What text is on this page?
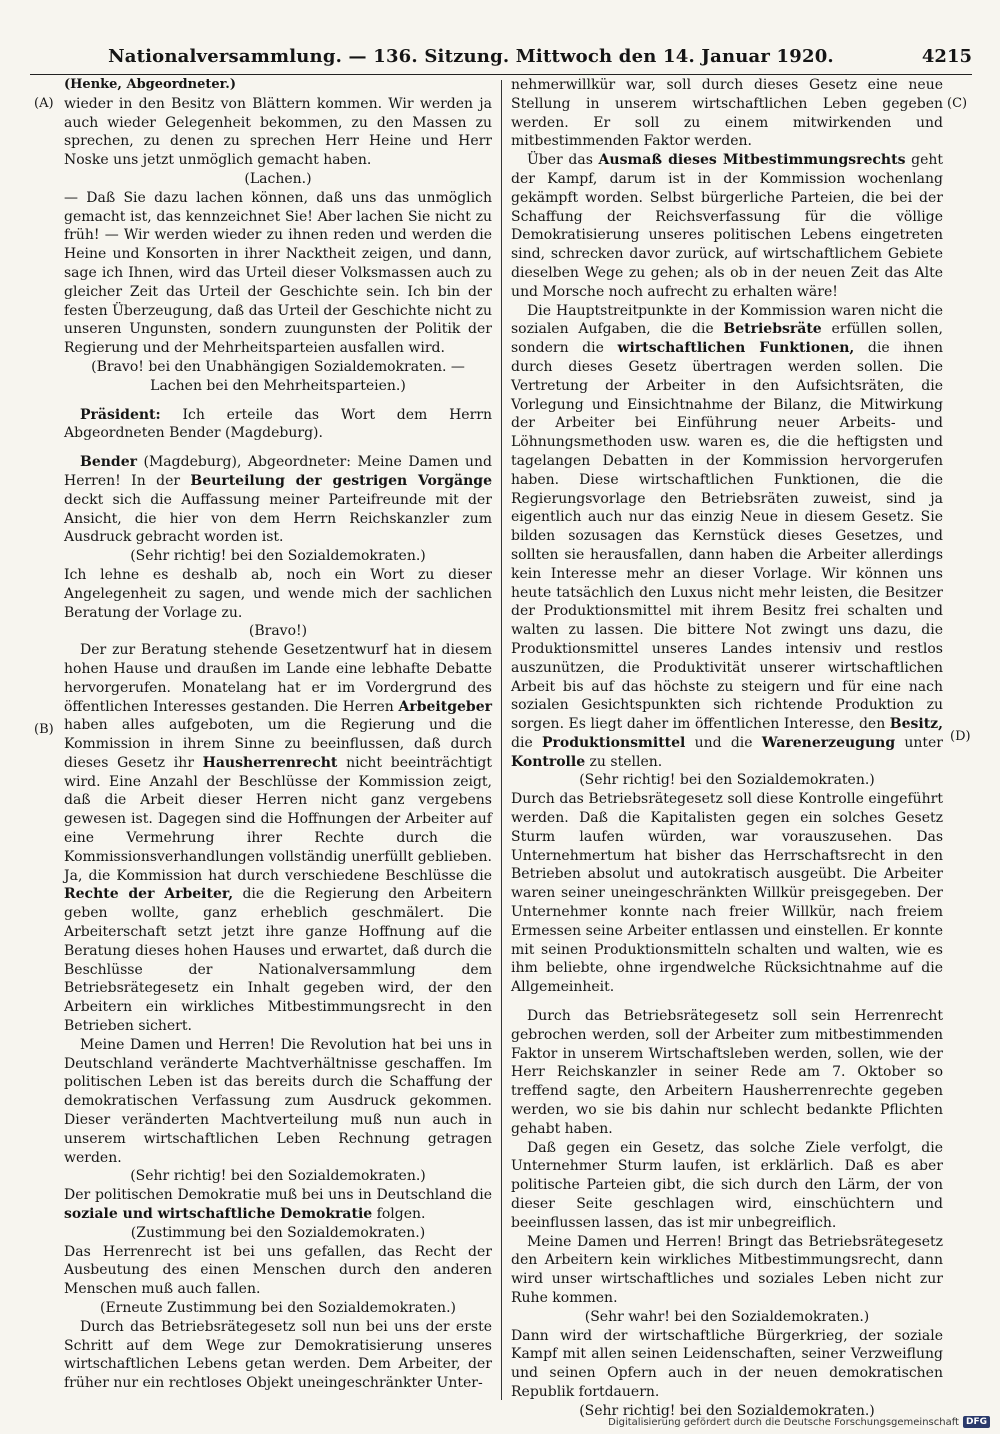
Nationalversammlung. — 136. Sitzung. Mittwoch den 14. Januar 1920.	4215
(A)
(B)
(C)
(D)

(Henke, Abgeordneter.)

wieder in den Besitz von Blättern kommen. Wir werden ja auch wieder Gelegenheit bekommen, zu den Massen zu sprechen, zu denen zu sprechen Herr Heine und Herr Noske uns jetzt unmöglich gemacht haben.

(Lachen.)

— Daß Sie dazu lachen können, daß uns das unmöglich gemacht ist, das kennzeichnet Sie! Aber lachen Sie nicht zu früh! — Wir werden wieder zu ihnen reden und werden die Heine und Konsorten in ihrer Nacktheit zeigen, und dann, sage ich Ihnen, wird das Urteil dieser Volksmassen auch zu gleicher Zeit das Urteil der Geschichte sein. Ich bin der festen Überzeugung, daß das Urteil der Geschichte nicht zu unseren Ungunsten, sondern zuungunsten der Politik der Regierung und der Mehrheitsparteien ausfallen wird.

(Bravo! bei den Unabhängigen Sozialdemokraten. — Lachen bei den Mehrheitsparteien.)

Präsident: Ich erteile das Wort dem Herrn Abgeordneten Bender (Magdeburg).

Bender (Magdeburg), Abgeordneter: Meine Damen und Herren! In der Beurteilung der gestrigen Vorgänge deckt sich die Auffassung meiner Parteifreunde mit der Ansicht, die hier von dem Herrn Reichskanzler zum Ausdruck gebracht worden ist.

(Sehr richtig! bei den Sozialdemokraten.)

Ich lehne es deshalb ab, noch ein Wort zu dieser Angelegenheit zu sagen, und wende mich der sachlichen Beratung der Vorlage zu.

(Bravo!)

Der zur Beratung stehende Gesetzentwurf hat in diesem hohen Hause und draußen im Lande eine lebhafte Debatte hervorgerufen. Monatelang hat er im Vordergrund des öffentlichen Interesses gestanden. Die Herren Arbeitgeber haben alles aufgeboten, um die Regierung und die Kommission in ihrem Sinne zu beeinflussen, daß durch dieses Gesetz ihr Hausherrenrecht nicht beeinträchtigt wird. Eine Anzahl der Beschlüsse der Kommission zeigt, daß die Arbeit dieser Herren nicht ganz vergebens gewesen ist. Dagegen sind die Hoffnungen der Arbeiter auf eine Vermehrung ihrer Rechte durch die Kommissionsverhandlungen vollständig unerfüllt geblieben. Ja, die Kommission hat durch verschiedene Beschlüsse die Rechte der Arbeiter, die die Regierung den Arbeitern geben wollte, ganz erheblich geschmälert. Die Arbeiterschaft setzt jetzt ihre ganze Hoffnung auf die Beratung dieses hohen Hauses und erwartet, daß durch die Beschlüsse der Nationalversammlung dem Betriebsrätegesetz ein Inhalt gegeben wird, der den Arbeitern ein wirkliches Mitbestimmungsrecht in den Betrieben sichert.

Meine Damen und Herren! Die Revolution hat bei uns in Deutschland veränderte Machtverhältnisse geschaffen. Im politischen Leben ist das bereits durch die Schaffung der demokratischen Verfassung zum Ausdruck gekommen. Dieser veränderten Machtverteilung muß nun auch in unserem wirtschaftlichen Leben Rechnung getragen werden.

(Sehr richtig! bei den Sozialdemokraten.)

Der politischen Demokratie muß bei uns in Deutschland die soziale und wirtschaftliche Demokratie folgen.

(Zustimmung bei den Sozialdemokraten.)

Das Herrenrecht ist bei uns gefallen, das Recht der Ausbeutung des einen Menschen durch den anderen Menschen muß auch fallen.

(Erneute Zustimmung bei den Sozialdemokraten.)

Durch das Betriebsrätegesetz soll nun bei uns der erste Schritt auf dem Wege zur Demokratisierung unseres wirtschaftlichen Lebens getan werden. Dem Arbeiter, der früher nur ein rechtloses Objekt uneingeschränkter Unter-

nehmerwillkür war, soll durch dieses Gesetz eine neue Stellung in unserem wirtschaftlichen Leben gegeben werden. Er soll zu einem mitwirkenden und mitbestimmenden Faktor werden.

Über das Ausmaß dieses Mitbestimmungsrechts geht der Kampf, darum ist in der Kommission wochenlang gekämpft worden. Selbst bürgerliche Parteien, die bei der Schaffung der Reichsverfassung für die völlige Demokratisierung unseres politischen Lebens eingetreten sind, schrecken davor zurück, auf wirtschaftlichem Gebiete dieselben Wege zu gehen; als ob in der neuen Zeit das Alte und Morsche noch aufrecht zu erhalten wäre!

Die Hauptstreitpunkte in der Kommission waren nicht die sozialen Aufgaben, die die Betriebsräte erfüllen sollen, sondern die wirtschaftlichen Funktionen, die ihnen durch dieses Gesetz übertragen werden sollen. Die Vertretung der Arbeiter in den Aufsichtsräten, die Vorlegung und Einsichtnahme der Bilanz, die Mitwirkung der Arbeiter bei Einführung neuer Arbeits- und Löhnungsmethoden usw. waren es, die die heftigsten und tagelangen Debatten in der Kommission hervorgerufen haben. Diese wirtschaftlichen Funktionen, die die Regierungsvorlage den Betriebsräten zuweist, sind ja eigentlich auch nur das einzig Neue in diesem Gesetz. Sie bilden sozusagen das Kernstück dieses Gesetzes, und sollten sie herausfallen, dann haben die Arbeiter allerdings kein Interesse mehr an dieser Vorlage. Wir können uns heute tatsächlich den Luxus nicht mehr leisten, die Besitzer der Produktionsmittel mit ihrem Besitz frei schalten und walten zu lassen. Die bittere Not zwingt uns dazu, die Produktionsmittel unseres Landes intensiv und restlos auszunützen, die Produktivität unserer wirtschaftlichen Arbeit bis auf das höchste zu steigern und für eine nach sozialen Gesichtspunkten sich richtende Produktion zu sorgen. Es liegt daher im öffentlichen Interesse, den Besitz, die Produktionsmittel und die Warenerzeugung unter Kontrolle zu stellen.

(Sehr richtig! bei den Sozialdemokraten.)

Durch das Betriebsrätegesetz soll diese Kontrolle eingeführt werden. Daß die Kapitalisten gegen ein solches Gesetz Sturm laufen würden, war vorauszusehen. Das Unternehmertum hat bisher das Herrschaftsrecht in den Betrieben absolut und autokratisch ausgeübt. Die Arbeiter waren seiner uneingeschränkten Willkür preisgegeben. Der Unternehmer konnte nach freier Willkür, nach freiem Ermessen seine Arbeiter entlassen und einstellen. Er konnte mit seinen Produktionsmitteln schalten und walten, wie es ihm beliebte, ohne irgendwelche Rücksichtnahme auf die Allgemeinheit.

Durch das Betriebsrätegesetz soll sein Herrenrecht gebrochen werden, soll der Arbeiter zum mitbestimmenden Faktor in unserem Wirtschaftsleben werden, sollen, wie der Herr Reichskanzler in seiner Rede am 7. Oktober so treffend sagte, den Arbeitern Hausherrenrechte gegeben werden, wo sie bis dahin nur schlecht bedankte Pflichten gehabt haben.

Daß gegen ein Gesetz, das solche Ziele verfolgt, die Unternehmer Sturm laufen, ist erklärlich. Daß es aber politische Parteien gibt, die sich durch den Lärm, der von dieser Seite geschlagen wird, einschüchtern und beeinflussen lassen, das ist mir unbegreiflich.

Meine Damen und Herren! Bringt das Betriebsrätegesetz den Arbeitern kein wirkliches Mitbestimmungsrecht, dann wird unser wirtschaftliches und soziales Leben nicht zur Ruhe kommen.

(Sehr wahr! bei den Sozialdemokraten.)

Dann wird der wirtschaftliche Bürgerkrieg, der soziale Kampf mit allen seinen Leidenschaften, seiner Verzweiflung und seinen Opfern auch in der neuen demokratischen Republik fortdauern.

(Sehr richtig! bei den Sozialdemokraten.)

Digitalisierung gefördert durch die Deutsche Forschungsgemeinschaft DFG
